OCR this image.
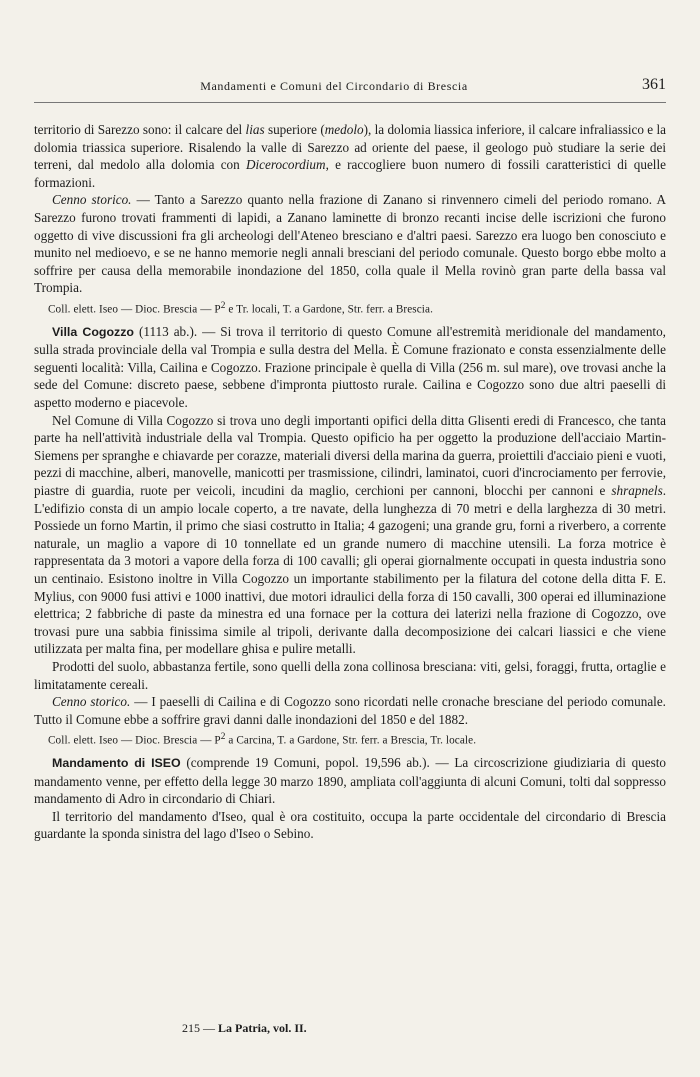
Mandamenti e Comuni del Circondario di Brescia	361

territorio di Sarezzo sono: il calcare del lias superiore (medolo), la dolomia liassica inferiore, il calcare infraliassico e la dolomia triassica superiore. Risalendo la valle di Sarezzo ad oriente del paese, il geologo può studiare la serie dei terreni, dal medolo alla dolomia con Dicerocordium, e raccogliere buon numero di fossili caratteristici di quelle formazioni.

Cenno storico. — Tanto a Sarezzo quanto nella frazione di Zanano si rinvennero cimeli del periodo romano. A Sarezzo furono trovati frammenti di lapidi, a Zanano laminette di bronzo recanti incise delle iscrizioni che furono oggetto di vive discussioni fra gli archeologi dell'Ateneo bresciano e d'altri paesi. Sarezzo era luogo ben conosciuto e munito nel medioevo, e se ne hanno memorie negli annali bresciani del periodo comunale. Questo borgo ebbe molto a soffrire per causa della memorabile inondazione del 1850, colla quale il Mella rovinò gran parte della bassa val Trompia.

Coll. elett. Iseo — Dioc. Brescia — $P^2$ e Tr. locali, T. a Gardone, Str. ferr. a Brescia.

Villa Cogozzo (1113 ab.). — Si trova il territorio di questo Comune all'estremità meridionale del mandamento, sulla strada provinciale della val Trompia e sulla destra del Mella. È Comune frazionato e consta essenzialmente delle seguenti località: Villa, Cailina e Cogozzo. Frazione principale è quella di Villa (256 m. sul mare), ove trovasi anche la sede del Comune: discreto paese, sebbene d'impronta piuttosto rurale. Cailina e Cogozzo sono due altri paeselli di aspetto moderno e piacevole.

Nel Comune di Villa Cogozzo si trova uno degli importanti opifici della ditta Glisenti eredi di Francesco, che tanta parte ha nell'attività industriale della val Trompia. Questo opificio ha per oggetto la produzione dell'acciaio Martin-Siemens per spranghe e chiavarde per corazze, materiali diversi della marina da guerra, proiettili d'acciaio pieni e vuoti, pezzi di macchine, alberi, manovelle, manicotti per trasmissione, cilindri, laminatoi, cuori d'incrociamento per ferrovie, piastre di guardia, ruote per veicoli, incudini da maglio, cerchioni per cannoni, blocchi per cannoni e shrapnels. L'edifizio consta di un ampio locale coperto, a tre navate, della lunghezza di 70 metri e della larghezza di 30 metri. Possiede un forno Martin, il primo che siasi costrutto in Italia; 4 gazogeni; una grande gru, forni a riverbero, a corrente naturale, un maglio a vapore di 10 tonnellate ed un grande numero di macchine utensili. La forza motrice è rappresentata da 3 motori a vapore della forza di 100 cavalli; gli operai giornalmente occupati in questa industria sono un centinaio. Esistono inoltre in Villa Cogozzo un importante stabilimento per la filatura del cotone della ditta F. E. Mylius, con 9000 fusi attivi e 1000 inattivi, due motori idraulici della forza di 150 cavalli, 300 operai ed illuminazione elettrica; 2 fabbriche di paste da minestra ed una fornace per la cottura dei laterizi nella frazione di Cogozzo, ove trovasi pure una sabbia finissima simile al tripoli, derivante dalla decomposizione dei calcari liassici e che viene utilizzata per malta fina, per modellare ghisa e pulire metalli.

Prodotti del suolo, abbastanza fertile, sono quelli della zona collinosa bresciana: viti, gelsi, foraggi, frutta, ortaglie e limitatamente cereali.

Cenno storico. — I paeselli di Cailina e di Cogozzo sono ricordati nelle cronache bresciane del periodo comunale. Tutto il Comune ebbe a soffrire gravi danni dalle inondazioni del 1850 e del 1882.

Coll. elett. Iseo — Dioc. Brescia — $P^2$ a Carcina, T. a Gardone, Str. ferr. a Brescia, Tr. locale.

Mandamento di ISEO (comprende 19 Comuni, popol. 19,596 ab.). — La circoscrizione giudiziaria di questo mandamento venne, per effetto della legge 30 marzo 1890, ampliata coll'aggiunta di alcuni Comuni, tolti dal soppresso mandamento di Adro in circondario di Chiari.

Il territorio del mandamento d'Iseo, qual è ora costituito, occupa la parte occidentale del circondario di Brescia guardante la sponda sinistra del lago d'Iseo o Sebino.

215 — La Patria, vol. II.
